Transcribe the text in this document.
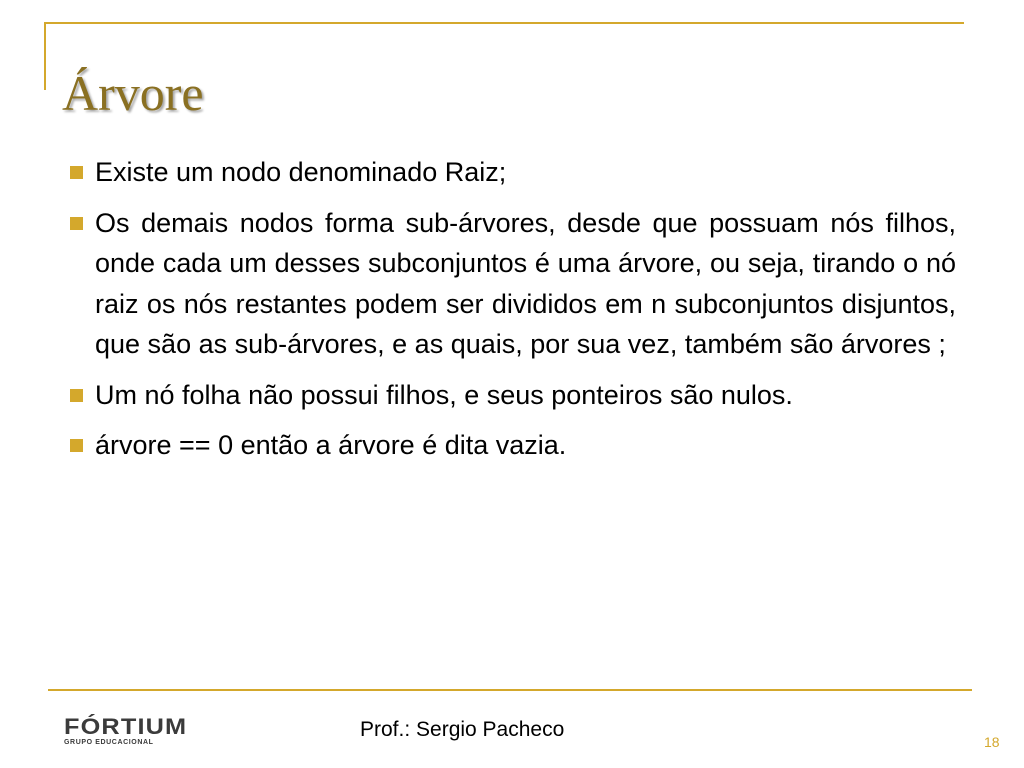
Árvore
Existe um nodo denominado Raiz;
Os demais nodos forma sub-árvores, desde que possuam nós filhos, onde cada um desses subconjuntos é uma árvore, ou seja, tirando o nó raiz os nós restantes podem ser divididos em n subconjuntos disjuntos, que são as sub-árvores, e as quais, por sua vez, também são árvores ;
Um nó folha não possui filhos, e seus ponteiros são nulos.
árvore == 0 então a árvore é dita vazia.
FÓRTIUM
GRUPO EDUCACIONAL
Prof.: Sergio Pacheco
18
